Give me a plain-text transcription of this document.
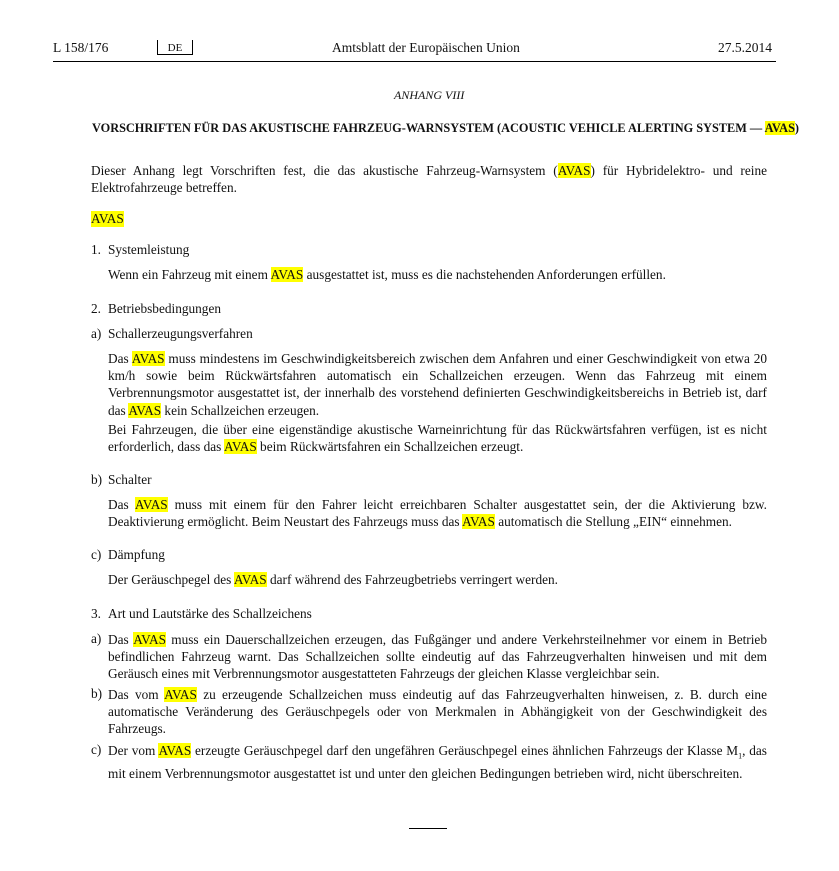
L 158/176	DE	Amtsblatt der Europäischen Union	27.5.2014
ANHANG VIII
VORSCHRIFTEN FÜR DAS AKUSTISCHE FAHRZEUG-WARNSYSTEM (ACOUSTIC VEHICLE ALERTING SYSTEM — AVAS)
Dieser Anhang legt Vorschriften fest, die das akustische Fahrzeug-Warnsystem (AVAS) für Hybridelektro- und reine Elektrofahrzeuge betreffen.
AVAS
1. Systemleistung
Wenn ein Fahrzeug mit einem AVAS ausgestattet ist, muss es die nachstehenden Anforderungen erfüllen.
2. Betriebsbedingungen
a) Schallerzeugungsverfahren
Das AVAS muss mindestens im Geschwindigkeitsbereich zwischen dem Anfahren und einer Geschwindigkeit von etwa 20 km/h sowie beim Rückwärtsfahren automatisch ein Schallzeichen erzeugen. Wenn das Fahrzeug mit einem Verbrennungsmotor ausgestattet ist, der innerhalb des vorstehend definierten Geschwindigkeitsbereichs in Betrieb ist, darf das AVAS kein Schallzeichen erzeugen.
Bei Fahrzeugen, die über eine eigenständige akustische Warneinrichtung für das Rückwärtsfahren verfügen, ist es nicht erforderlich, dass das AVAS beim Rückwärtsfahren ein Schallzeichen erzeugt.
b) Schalter
Das AVAS muss mit einem für den Fahrer leicht erreichbaren Schalter ausgestattet sein, der die Aktivierung bzw. Deaktivierung ermöglicht. Beim Neustart des Fahrzeugs muss das AVAS automatisch die Stellung „EIN“ einnehmen.
c) Dämpfung
Der Geräuschpegel des AVAS darf während des Fahrzeugbetriebs verringert werden.
3. Art und Lautstärke des Schallzeichens
a) Das AVAS muss ein Dauerschallzeichen erzeugen, das Fußgänger und andere Verkehrsteilnehmer vor einem in Betrieb befindlichen Fahrzeug warnt. Das Schallzeichen sollte eindeutig auf das Fahrzeugverhalten hinweisen und mit dem Geräusch eines mit Verbrennungsmotor ausgestatteten Fahrzeugs der gleichen Klasse vergleichbar sein.
b) Das vom AVAS zu erzeugende Schallzeichen muss eindeutig auf das Fahrzeugverhalten hinweisen, z. B. durch eine automatische Veränderung des Geräuschpegels oder von Merkmalen in Abhängigkeit von der Geschwindigkeit des Fahrzeugs.
c) Der vom AVAS erzeugte Geräuschpegel darf den ungefähren Geräuschpegel eines ähnlichen Fahrzeugs der Klasse $M_1$, das mit einem Verbrennungsmotor ausgestattet ist und unter den gleichen Bedingungen betrieben wird, nicht überschreiten.
